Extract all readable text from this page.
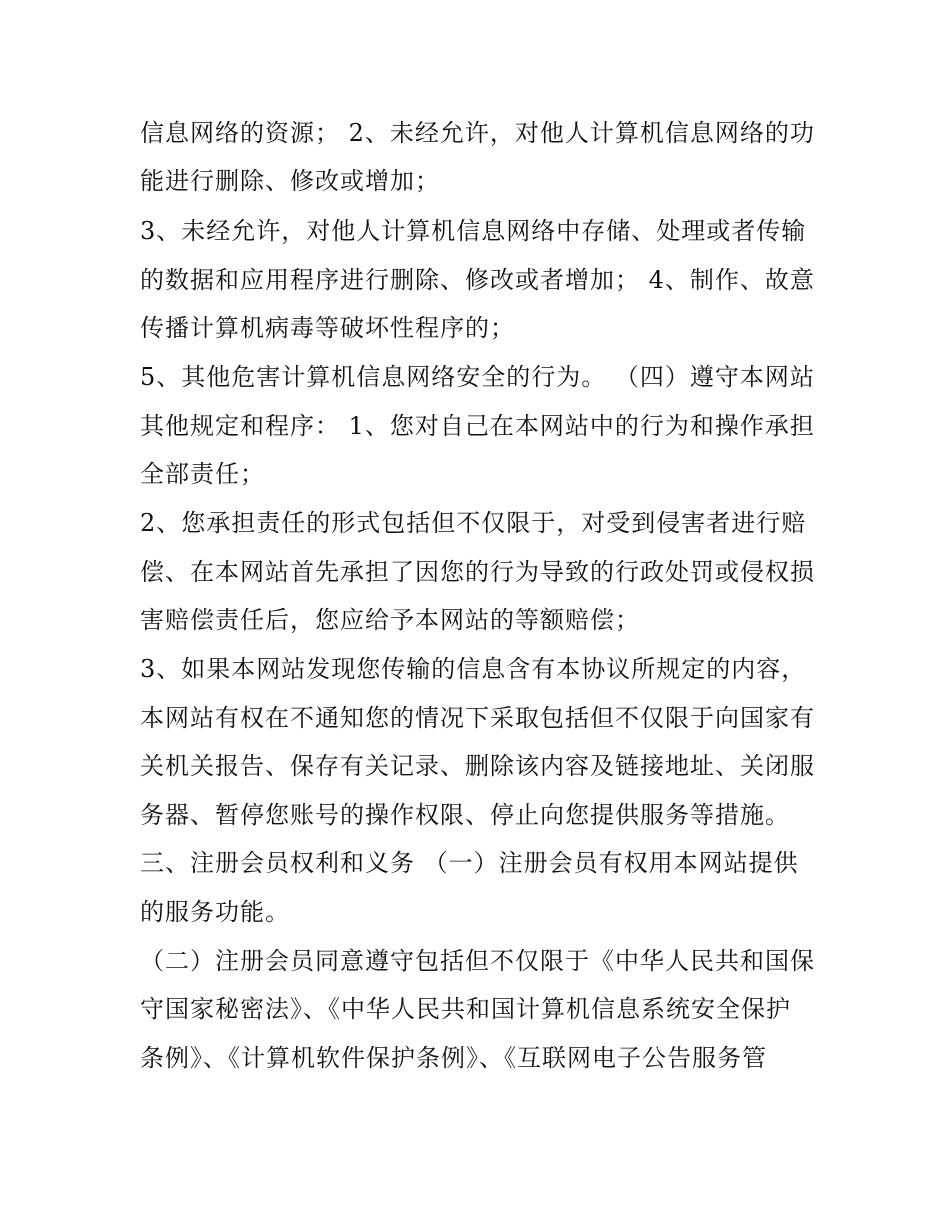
信息网络的资源； 2、未经允许，对他人计算机信息网络的功
能进行删除、修改或增加；
3、未经允许，对他人计算机信息网络中存储、处理或者传输
的数据和应用程序进行删除、修改或者增加； 4、制作、故意
传播计算机病毒等破坏性程序的；
5、其他危害计算机信息网络安全的行为。 （四）遵守本网站
其他规定和程序： 1、您对自己在本网站中的行为和操作承担
全部责任；
2、您承担责任的形式包括但不仅限于，对受到侵害者进行赔
偿、在本网站首先承担了因您的行为导致的行政处罚或侵权损
害赔偿责任后，您应给予本网站的等额赔偿；
3、如果本网站发现您传输的信息含有本协议所规定的内容，
本网站有权在不通知您的情况下采取包括但不仅限于向国家有
关机关报告、保存有关记录、删除该内容及链接地址、关闭服
务器、暂停您账号的操作权限、停止向您提供服务等措施。
三、注册会员权利和义务 （一）注册会员有权用本网站提供
的服务功能。
（二）注册会员同意遵守包括但不仅限于《中华人民共和国保
守国家秘密法》、《中华人民共和国计算机信息系统安全保护
条例》、《计算机软件保护条例》、《互联网电子公告服务管
